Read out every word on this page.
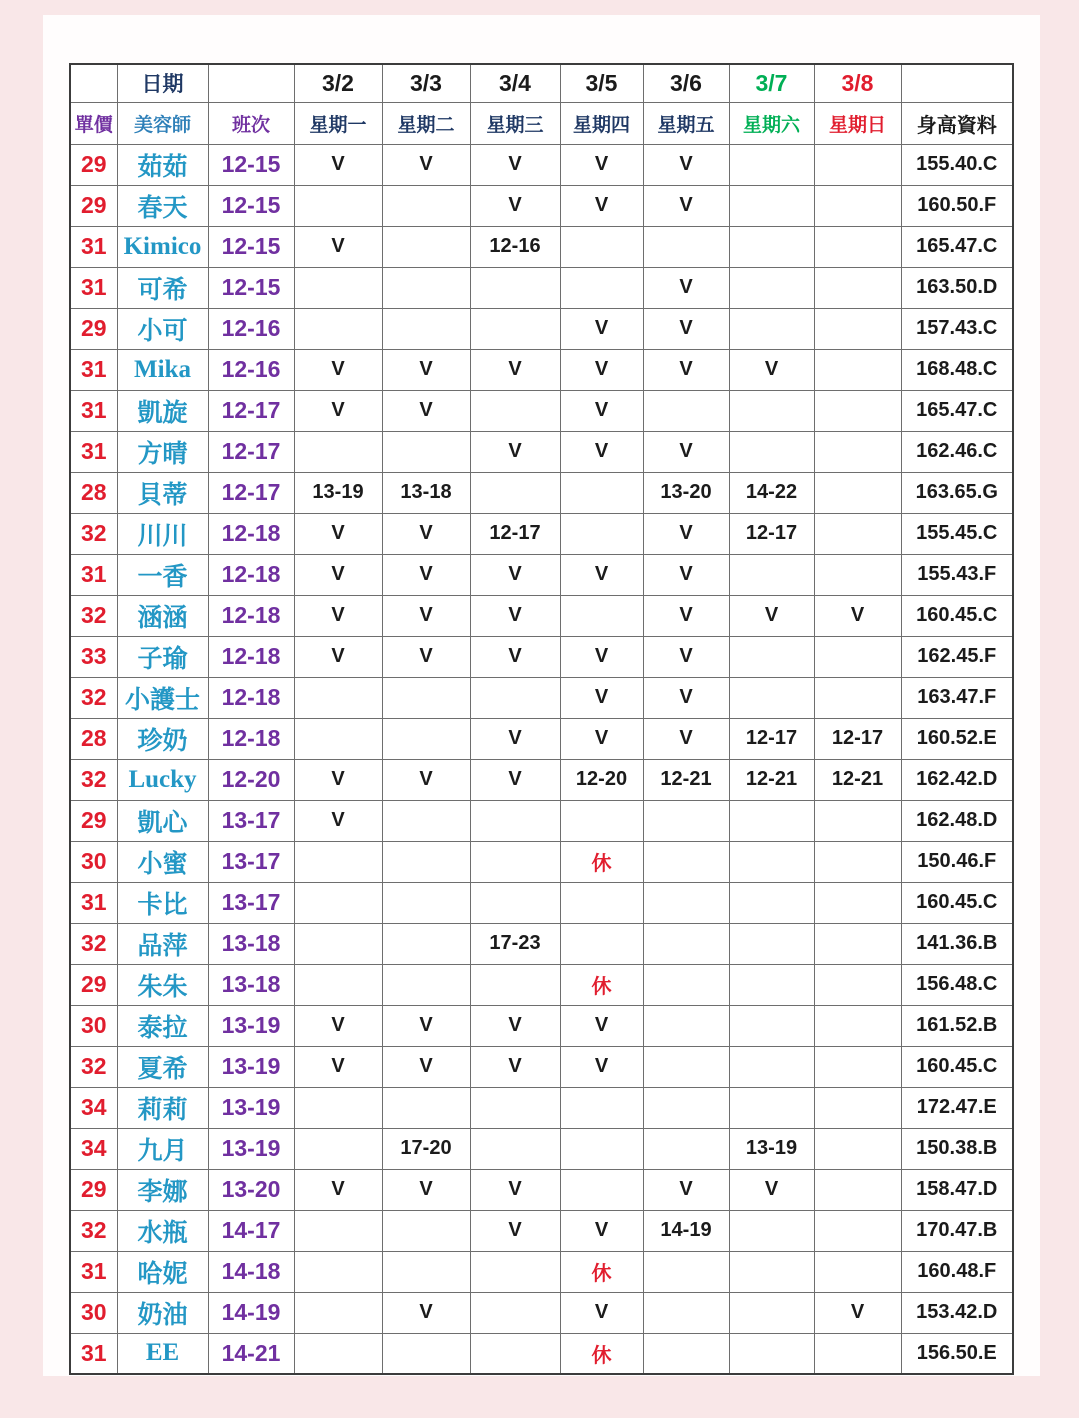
	日期		3/2	3/3	3/4	3/5	3/6	3/7	3/8	
單價	美容師	班次	星期一	星期二	星期三	星期四	星期五	星期六	星期日	身高資料
29	茹茹	12-15	V	V	V	V	V			155.40.C
29	春天	12-15			V	V	V			160.50.F
31	Kimico	12-15	V		12-16					165.47.C
31	可希	12-15					V			163.50.D
29	小可	12-16				V	V			157.43.C
31	Mika	12-16	V	V	V	V	V	V		168.48.C
31	凱旋	12-17	V	V		V				165.47.C
31	方晴	12-17			V	V	V			162.46.C
28	貝蒂	12-17	13-19	13-18			13-20	14-22		163.65.G
32	川川	12-18	V	V	12-17		V	12-17		155.45.C
31	一香	12-18	V	V	V	V	V			155.43.F
32	涵涵	12-18	V	V	V		V	V	V	160.45.C
33	子瑜	12-18	V	V	V	V	V			162.45.F
32	小護士	12-18				V	V			163.47.F
28	珍奶	12-18			V	V	V	12-17	12-17	160.52.E
32	Lucky	12-20	V	V	V	12-20	12-21	12-21	12-21	162.42.D
29	凱心	13-17	V							162.48.D
30	小蜜	13-17				休				150.46.F
31	卡比	13-17								160.45.C
32	品萍	13-18			17-23					141.36.B
29	朱朱	13-18				休				156.48.C
30	泰拉	13-19	V	V	V	V				161.52.B
32	夏希	13-19	V	V	V	V				160.45.C
34	莉莉	13-19								172.47.E
34	九月	13-19		17-20				13-19		150.38.B
29	李娜	13-20	V	V	V		V	V		158.47.D
32	水瓶	14-17			V	V	14-19			170.47.B
31	哈妮	14-18				休				160.48.F
30	奶油	14-19		V		V			V	153.42.D
31	EE	14-21				休				156.50.E
